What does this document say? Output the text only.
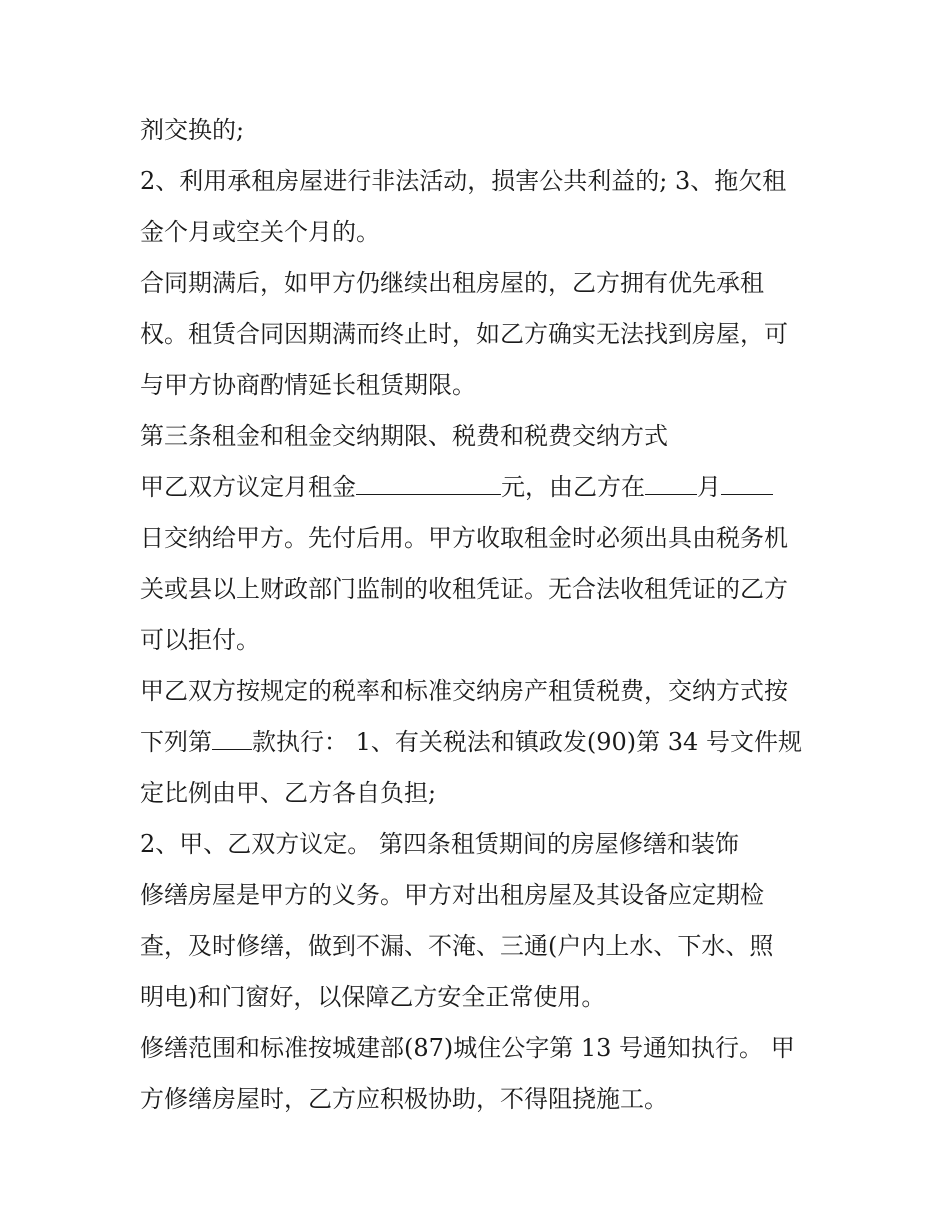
剂交换的;
2、利用承租房屋进行非法活动，损害公共利益的; 3、拖欠租
金个月或空关个月的。
合同期满后，如甲方仍继续出租房屋的，乙方拥有优先承租
权。租赁合同因期满而终止时，如乙方确实无法找到房屋，可
与甲方协商酌情延长租赁期限。
第三条租金和租金交纳期限、税费和税费交纳方式
甲乙双方议定月租金	元，由乙方在 月
日交纳给甲方。先付后用。甲方收取租金时必须出具由税务机
关或县以上财政部门监制的收租凭证。无合法收租凭证的乙方
可以拒付。
甲乙双方按规定的税率和标准交纳房产租赁税费，交纳方式按
下列第 款执行： 1、有关税法和镇政发(90)第 34 号文件规
定比例由甲、乙方各自负担;
2、甲、乙双方议定。 第四条租赁期间的房屋修缮和装饰
修缮房屋是甲方的义务。甲方对出租房屋及其设备应定期检
查，及时修缮，做到不漏、不淹、三通(户内上水、下水、照
明电)和门窗好，以保障乙方安全正常使用。
修缮范围和标准按城建部(87)城住公字第 13 号通知执行。 甲
方修缮房屋时，乙方应积极协助，不得阻挠施工。
